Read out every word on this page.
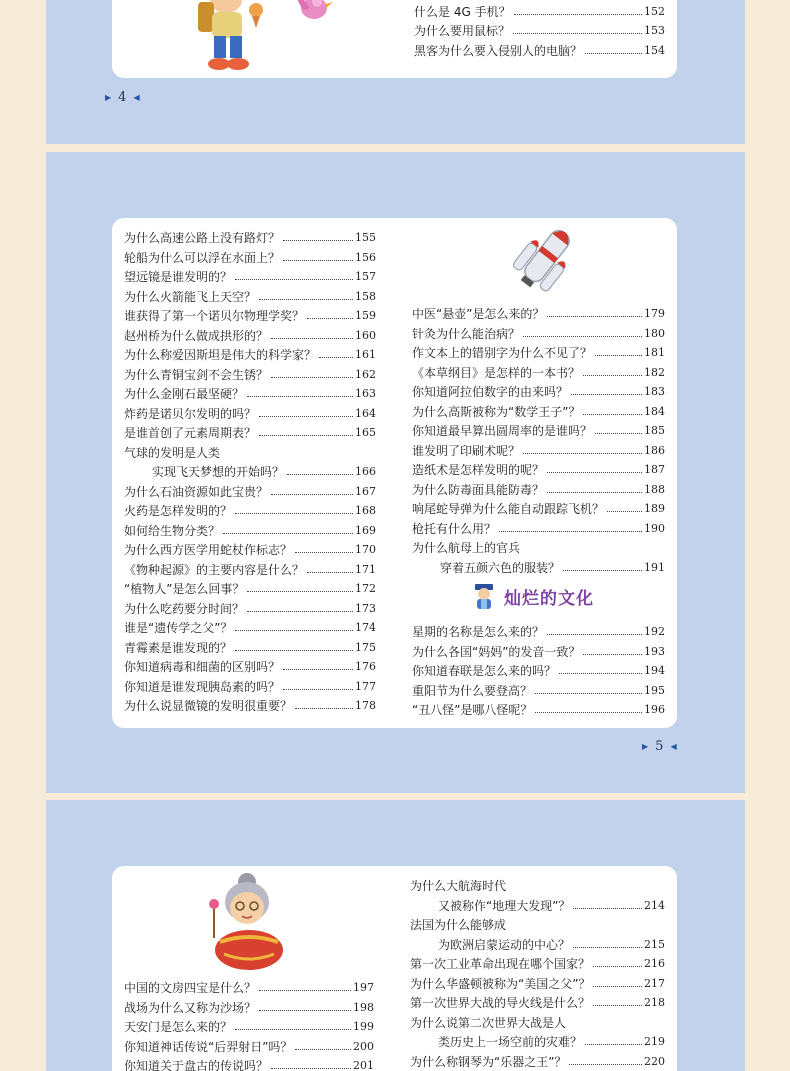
什么是 4G 手机？	152
为什么要用鼠标？	153
黑客为什么要入侵别人的电脑？	154
▶ 4 ◀
为什么高速公路上没有路灯？	155
轮船为什么可以浮在水面上？	156
望远镜是谁发明的？	157
为什么火箭能飞上天空？	158
谁获得了第一个诺贝尔物理学奖？	159
赵州桥为什么做成拱形的？	160
为什么称爱因斯坦是伟大的科学家？	161
为什么青铜宝剑不会生锈？	162
为什么金刚石最坚硬？	163
炸药是诺贝尔发明的吗？	164
是谁首创了元素周期表？	165
气球的发明是人类
实现飞天梦想的开始吗？	166
为什么石油资源如此宝贵？	167
火药是怎样发明的？	168
如何给生物分类？	169
为什么西方医学用蛇杖作标志？	170
《物种起源》的主要内容是什么？	171
“植物人”是怎么回事？	172
为什么吃药要分时间？	173
谁是“遗传学之父”？	174
青霉素是谁发现的？	175
你知道病毒和细菌的区别吗？	176
你知道是谁发现胰岛素的吗？	177
为什么说显微镜的发明很重要？	178
中医“悬壶”是怎么来的？	179
针灸为什么能治病？	180
作文本上的错别字为什么不见了？	181
《本草纲目》是怎样的一本书？	182
你知道阿拉伯数字的由来吗？	183
为什么高斯被称为“数学王子”？	184
你知道最早算出圆周率的是谁吗？	185
谁发明了印刷术呢？	186
造纸术是怎样发明的呢？	187
为什么防毒面具能防毒？	188
响尾蛇导弹为什么能自动跟踪飞机？	189
枪托有什么用？	190
为什么航母上的官兵
穿着五颜六色的服装？	191
灿烂的文化
星期的名称是怎么来的？	192
为什么各国“妈妈”的发音一致？	193
你知道春联是怎么来的吗？	194
重阳节为什么要登高？	195
“丑八怪”是哪八怪呢？	196
▶ 5 ◀
中国的文房四宝是什么？	197
战场为什么又称为沙场？	198
天安门是怎么来的？	199
你知道神话传说“后羿射日”吗？	200
你知道关于盘古的传说吗？	201
为什么大航海时代
又被称作“地理大发现”？	214
法国为什么能够成
为欧洲启蒙运动的中心？	215
第一次工业革命出现在哪个国家？	216
为什么华盛顿被称为“美国之父”？	217
第一次世界大战的导火线是什么？	218
为什么说第二次世界大战是人
类历史上一场空前的灾难？	219
为什么称钢琴为“乐器之王”？	220
